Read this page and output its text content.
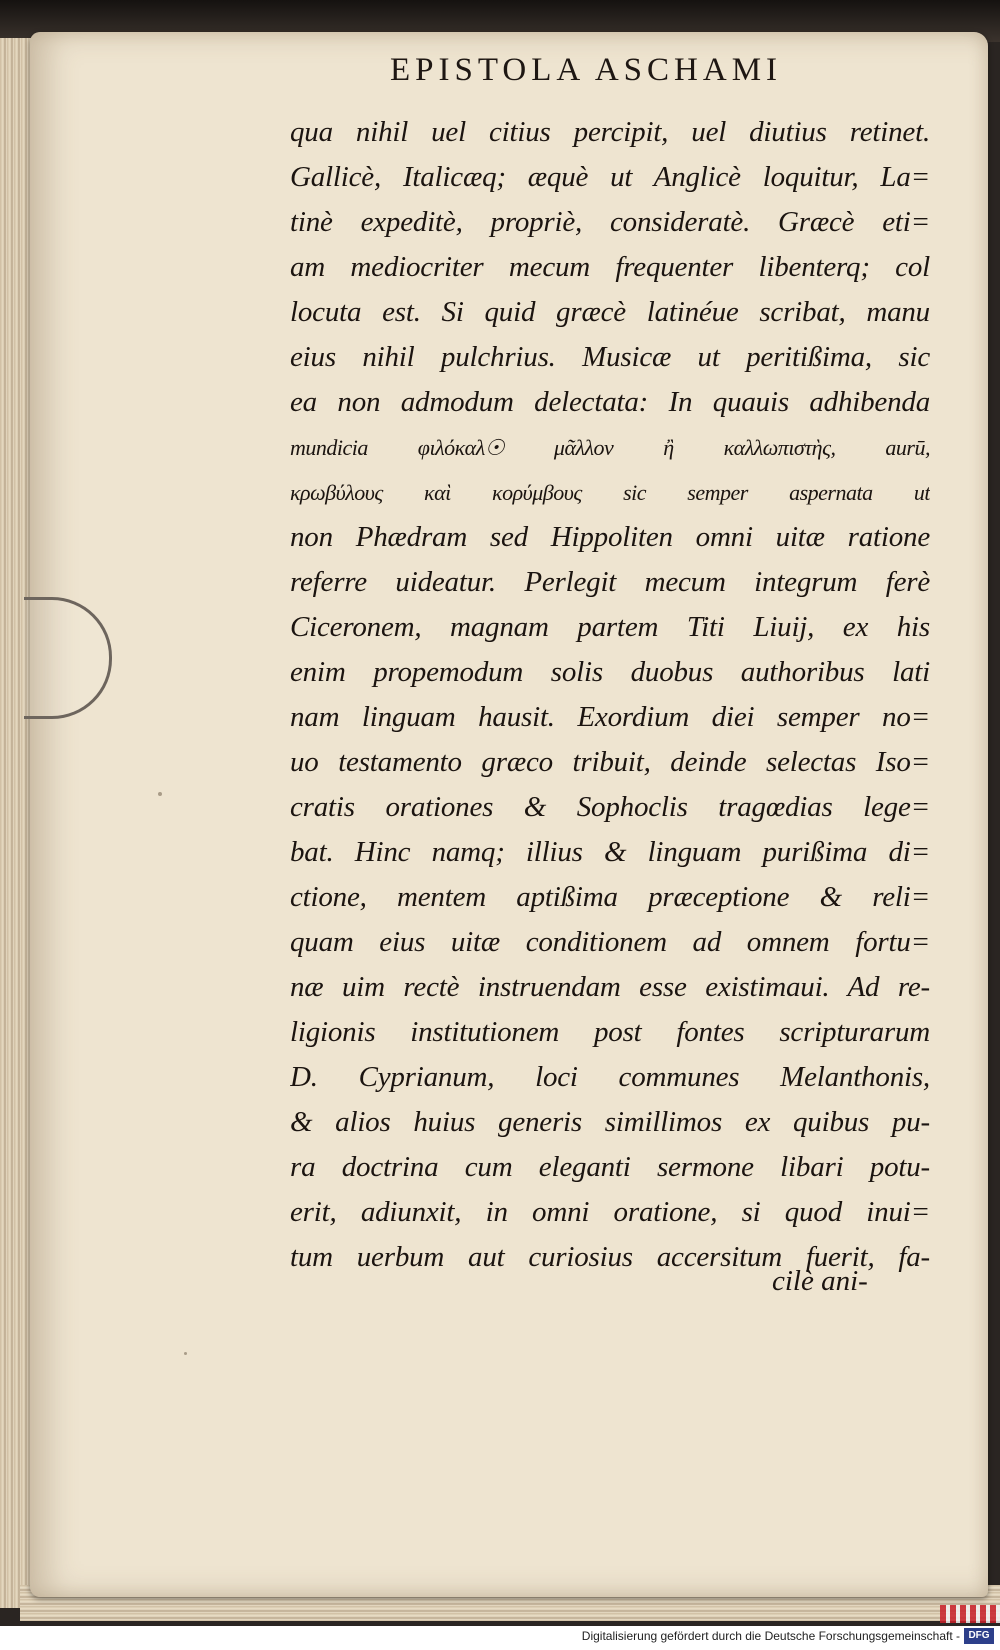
EPISTOLA ASCHAMI
qua nihil uel citius percipit, uel diutius retinet.
Gallicè, Italicæq; æquè ut Anglicè loquitur, La=
tinè expeditè, propriè, consideratè. Græcè eti=
am mediocriter mecum frequenter libenterq; col
locuta est. Si quid græcè latinéue scribat, manu
eius nihil pulchrius. Musicæ ut peritißima, sic
ea non admodum delectata: In quauis adhibenda
mundicia φιλόκαλ☉ μᾶλλον ἢ καλλωπιστὴς, aurū,
κρωβύλους καὶ κορύμβους sic semper aspernata ut
non Phædram sed Hippoliten omni uitæ ratione
referre uideatur. Perlegit mecum integrum ferè
Ciceronem, magnam partem Titi Liuij, ex his
enim propemodum solis duobus authoribus lati
nam linguam hausit. Exordium diei semper no=
uo testamento græco tribuit, deinde selectas Iso=
cratis orationes & Sophoclis tragœdias lege=
bat. Hinc namq; illius & linguam purißima di=
ctione, mentem aptißima præceptione & reli=
quam eius uitæ conditionem ad omnem fortu=
næ uim rectè instruendam esse existimaui. Ad re-
ligionis institutionem post fontes scripturarum
D. Cyprianum, loci communes Melanthonis,
& alios huius generis simillimos ex quibus pu-
ra doctrina cum eleganti sermone libari potu-
erit, adiunxit, in omni oratione, si quod inui=
tum uerbum aut curiosius accersitum fuerit, fa-
cilè ani-
Digitalisierung gefördert durch die Deutsche Forschungsgemeinschaft - DFG
